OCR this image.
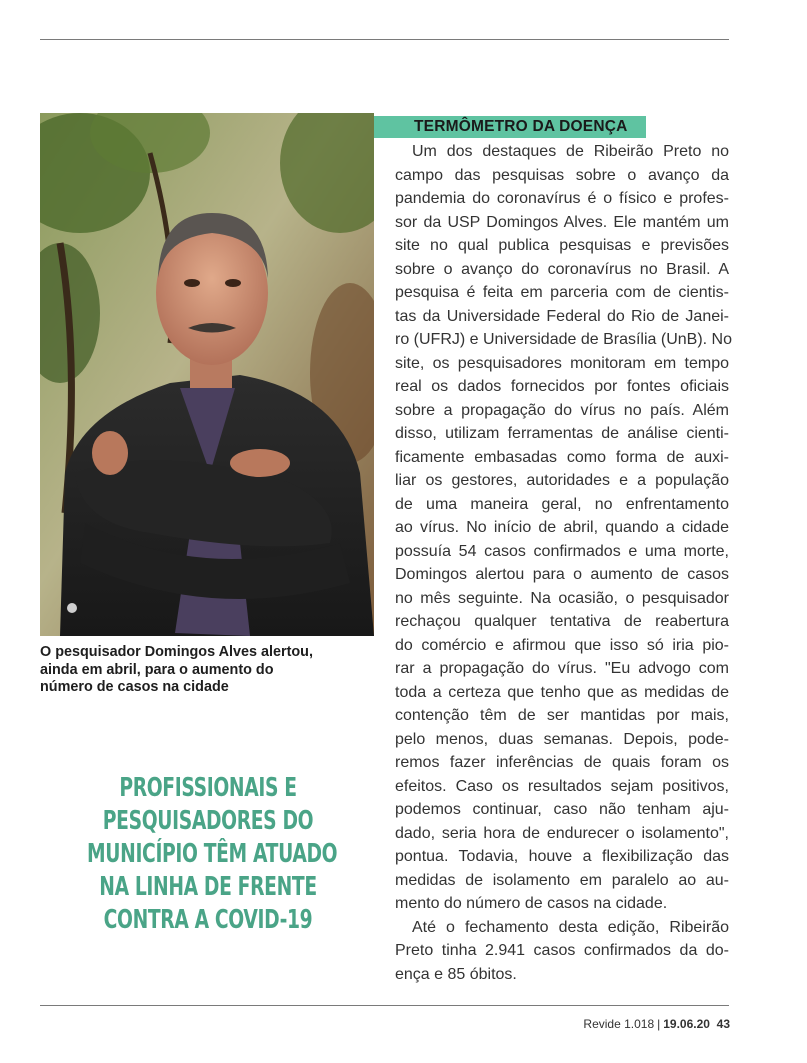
O pesquisador Domingos Alves alertou,
ainda em abril, para o aumento do
número de casos na cidade
PROFISSIONAIS E
PESQUISADORES DO
MUNICÍPIO TÊM ATUADO
NA LINHA DE FRENTE
CONTRA A COVID-19
TERMÔMETRO DA DOENÇA
Um dos destaques de Ribeirão Preto no
campo das pesquisas sobre o avanço da
pandemia do coronavírus é o físico e profes-
sor da USP Domingos Alves. Ele mantém um
site no qual publica pesquisas e previsões
sobre o avanço do coronavírus no Brasil. A
pesquisa é feita em parceria com de cientis-
tas da Universidade Federal do Rio de Janei-
ro (UFRJ) e Universidade de Brasília (UnB). No
site, os pesquisadores monitoram em tempo
real os dados fornecidos por fontes oficiais
sobre a propagação do vírus no país. Além
disso, utilizam ferramentas de análise cienti-
ficamente embasadas como forma de auxi-
liar os gestores, autoridades e a população
de uma maneira geral, no enfrentamento
ao vírus. No início de abril, quando a cidade
possuía 54 casos confirmados e uma morte,
Domingos alertou para o aumento de casos
no mês seguinte. Na ocasião, o pesquisador
rechaçou qualquer tentativa de reabertura
do comércio e afirmou que isso só iria pio-
rar a propagação do vírus. "Eu advogo com
toda a certeza que tenho que as medidas de
contenção têm de ser mantidas por mais,
pelo menos, duas semanas. Depois, pode-
remos fazer inferências de quais foram os
efeitos. Caso os resultados sejam positivos,
podemos continuar, caso não tenham aju-
dado, seria hora de endurecer o isolamento",
pontua. Todavia, houve a flexibilização das
medidas de isolamento em paralelo ao au-
mento do número de casos na cidade.
Até o fechamento desta edição, Ribeirão
Preto tinha 2.941 casos confirmados da do-
ença e 85 óbitos.
Revide 1.018 | 19.06.20 43
